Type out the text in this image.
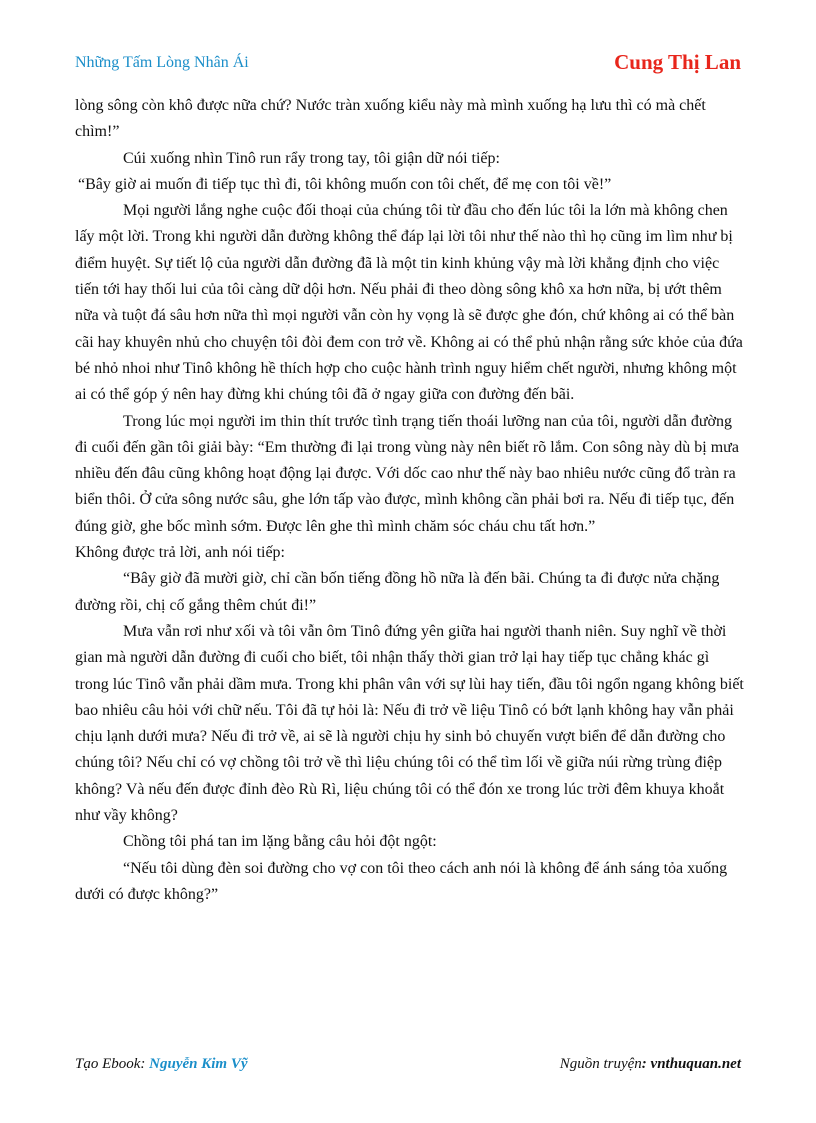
Những Tấm Lòng Nhân Ái	Cung Thị Lan

lòng sông còn khô được nữa chứ? Nước tràn xuống kiểu này mà mình xuống hạ lưu thì có mà chết chìm!”

Cúi xuống nhìn Tinô run rẩy trong tay, tôi giận dữ nói tiếp:

“Bây giờ ai muốn đi tiếp tục thì đi, tôi không muốn con tôi chết, để mẹ con tôi về!”

Mọi người lắng nghe cuộc đối thoại của chúng tôi từ đầu cho đến lúc tôi la lớn mà không chen lấy một lời. Trong khi người dẫn đường không thể đáp lại lời tôi như thế nào thì họ cũng im lìm như bị điểm huyệt. Sự tiết lộ của người dẫn đường đã là một tin kinh khủng vậy mà lời khẳng định cho việc tiến tới hay thối lui của tôi càng dữ dội hơn. Nếu phải đi theo dòng sông khô xa hơn nữa, bị ướt thêm nữa và tuột đá sâu hơn nữa thì mọi người vẫn còn hy vọng là sẽ được ghe đón, chứ không ai có thể bàn cãi hay khuyên nhủ cho chuyện tôi đòi đem con trở về. Không ai có thể phủ nhận rằng sức khỏe của đứa bé nhỏ nhoi như Tinô không hề thích hợp cho cuộc hành trình nguy hiểm chết người, nhưng không một ai có thể góp ý nên hay đừng khi chúng tôi đã ở ngay giữa con đường đến bãi.

Trong lúc mọi người im thin thít trước tình trạng tiến thoái lưỡng nan của tôi, người dẫn đường đi cuối đến gần tôi giải bày: “Em thường đi lại trong vùng này nên biết rõ lắm. Con sông này dù bị mưa nhiều đến đâu cũng không hoạt động lại được. Với dốc cao như thế này bao nhiêu nước cũng đổ tràn ra biển thôi. Ở cửa sông nước sâu, ghe lớn tấp vào được, mình không cần phải bơi ra. Nếu đi tiếp tục, đến đúng giờ, ghe bốc mình sớm. Được lên ghe thì mình chăm sóc cháu chu tất hơn.”

Không được trả lời, anh nói tiếp:

“Bây giờ đã mười giờ, chỉ cần bốn tiếng đồng hồ nữa là đến bãi. Chúng ta đi được nửa chặng đường rồi, chị cố gắng thêm chút đi!”

Mưa vẫn rơi như xối và tôi vẫn ôm Tinô đứng yên giữa hai người thanh niên. Suy nghĩ về thời gian mà người dẫn đường đi cuối cho biết, tôi nhận thấy thời gian trở lại hay tiếp tục chẳng khác gì trong lúc Tinô vẫn phải dầm mưa. Trong khi phân vân với sự lùi hay tiến, đầu tôi ngổn ngang không biết bao nhiêu câu hỏi với chữ nếu. Tôi đã tự hỏi là: Nếu đi trở về liệu Tinô có bớt lạnh không hay vẫn phải chịu lạnh dưới mưa? Nếu đi trở về, ai sẽ là người chịu hy sinh bỏ chuyến vượt biển để dẫn đường cho chúng tôi? Nếu chỉ có vợ chồng tôi trở về thì liệu chúng tôi có thể tìm lối về giữa núi rừng trùng điệp không? Và nếu đến được đỉnh đèo Rù Rì, liệu chúng tôi có thể đón xe trong lúc trời đêm khuya khoắt như vầy không?

Chồng tôi phá tan im lặng bằng câu hỏi đột ngột:

“Nếu tôi dùng đèn soi đường cho vợ con tôi theo cách anh nói là không để ánh sáng tỏa xuống dưới có được không?”

Tạo Ebook: Nguyễn Kim Vỹ	Nguồn truyện: vnthuquan.net
